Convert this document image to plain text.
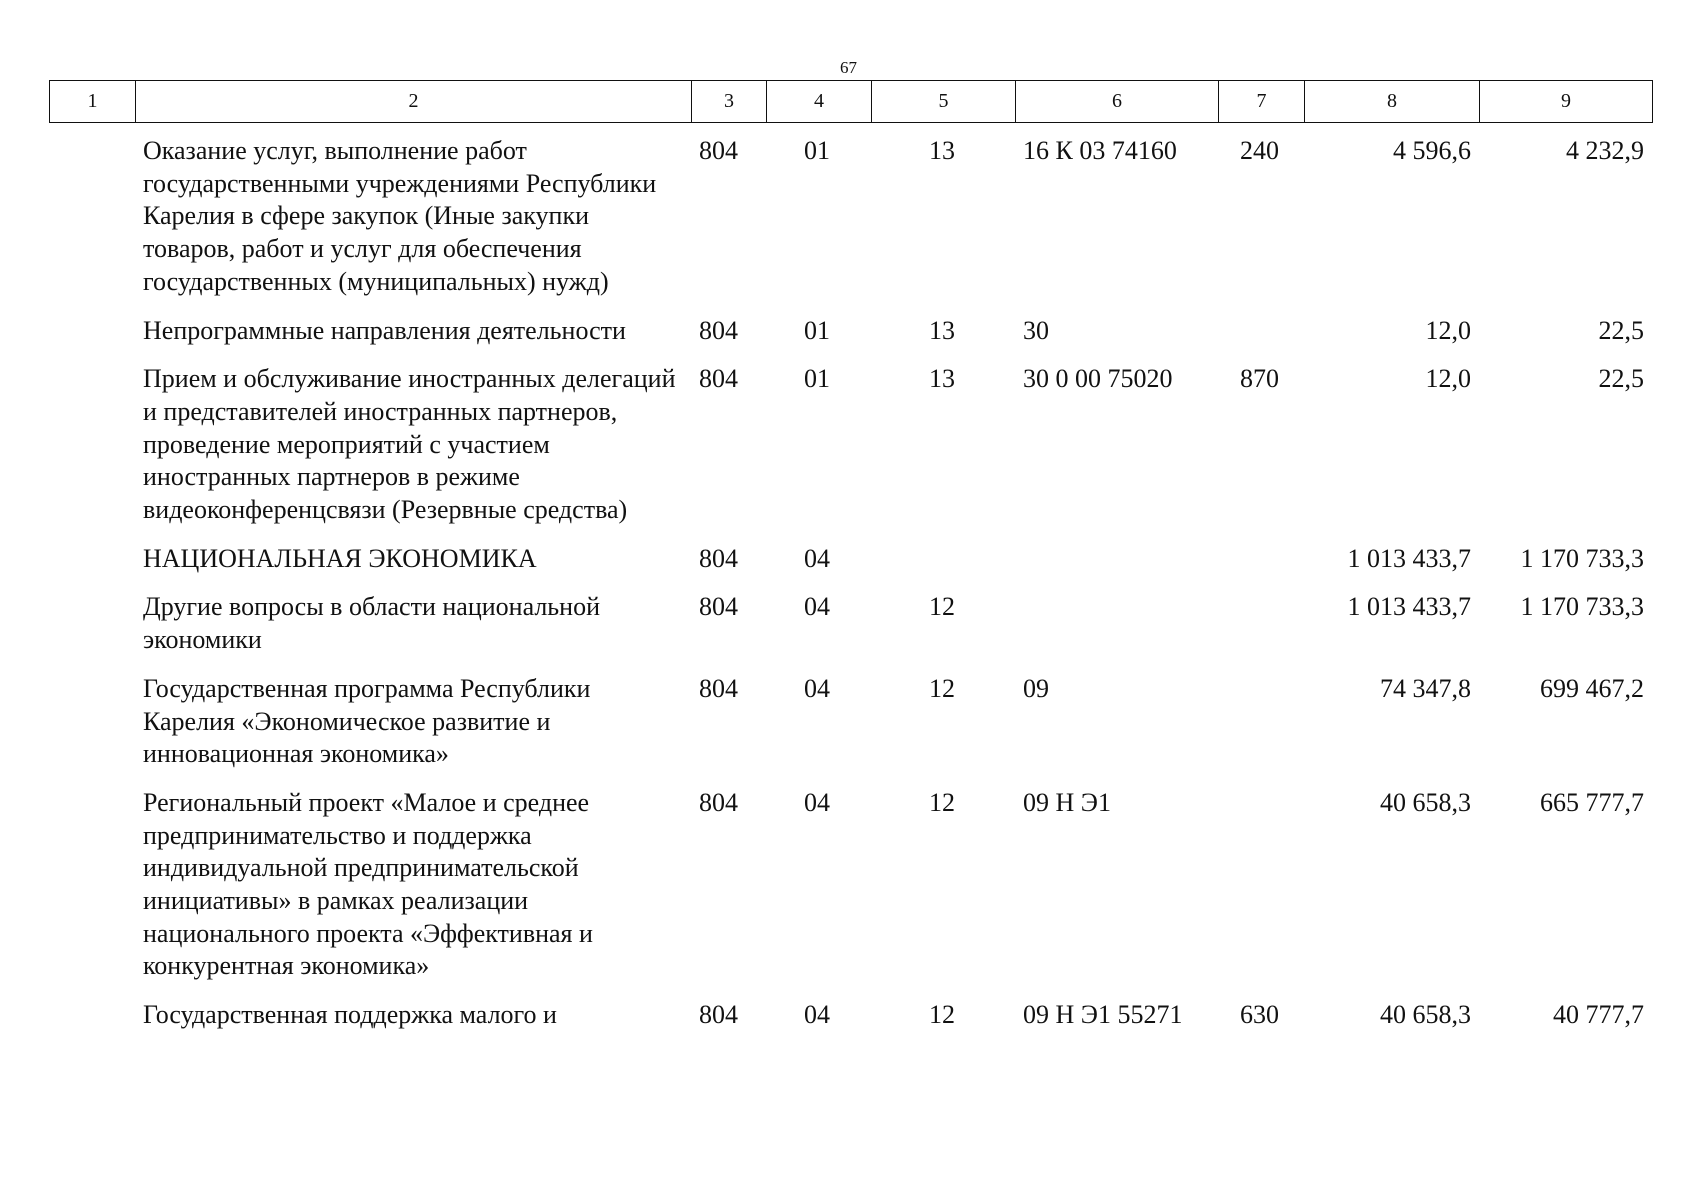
67
1	2	3	4	5	6	7	8	9
	Оказание услуг, выполнение работ государственными учреждениями Республики Карелия в сфере закупок (Иные закупки товаров, работ и услуг для обеспечения государственных (муниципальных) нужд)	804	01	13	16 К 03 74160	240	4 596,6	4 232,9
	Непрограммные направления деятельности	804	01	13	30		12,0	22,5
	Прием и обслуживание иностранных делегаций и представителей иностранных партнеров, проведение мероприятий с участием иностранных партнеров в режиме видеоконференцсвязи (Резервные средства)	804	01	13	30 0 00 75020	870	12,0	22,5
	НАЦИОНАЛЬНАЯ ЭКОНОМИКА	804	04				1 013 433,7	1 170 733,3
	Другие вопросы в области национальной экономики	804	04	12			1 013 433,7	1 170 733,3
	Государственная программа Республики Карелия «Экономическое развитие и инновационная экономика»	804	04	12	09		74 347,8	699 467,2
	Региональный проект «Малое и среднее предпринимательство и поддержка индивидуальной предпринимательской инициативы» в рамках реализации национального проекта «Эффективная и конкурентная экономика»	804	04	12	09 Н Э1		40 658,3	665 777,7
	Государственная поддержка малого и	804	04	12	09 Н Э1 55271	630	40 658,3	40 777,7
